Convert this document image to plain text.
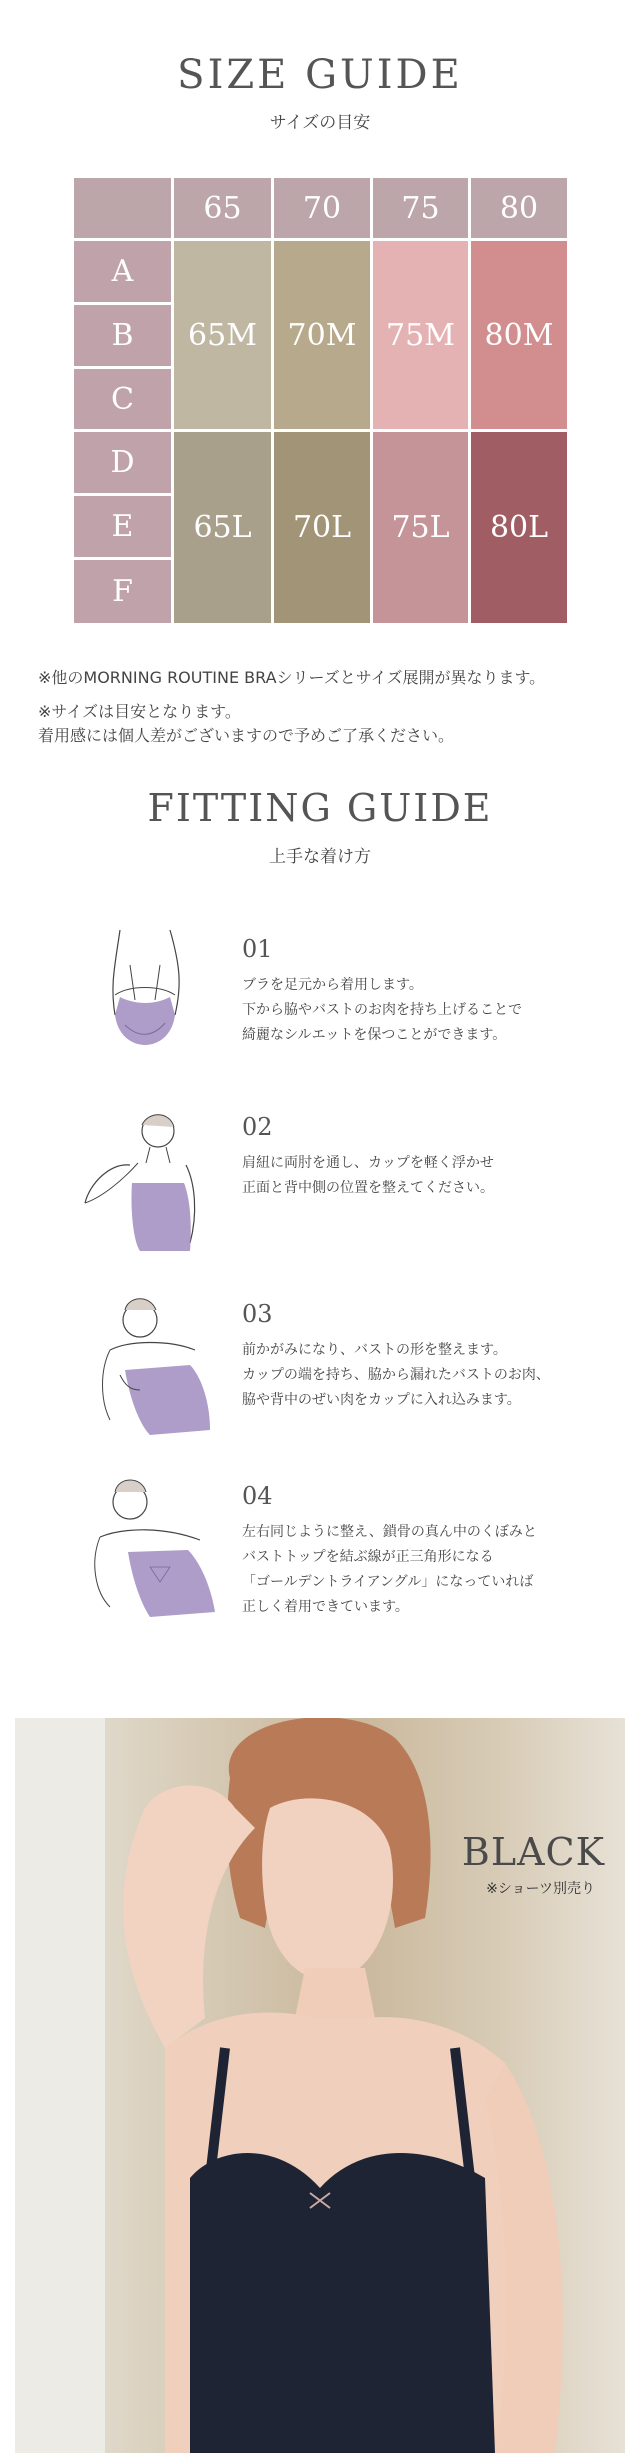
SIZE GUIDE
サイズの目安
65	70	75	80
A
B
C
D
E
F
65M	70M 75M 80M
65L	70L	75L	80L
※他のMORNING ROUTINE BRAシリーズとサイズ展開が異なります。
※サイズは目安となります。
着用感には個人差がございますので予めご了承ください。
FITTING GUIDE
上手な着け方
01
ブラを足元から着用します。
下から脇やバストのお肉を持ち上げることで
綺麗なシルエットを保つことができます。
02
肩紐に両肘を通し、カップを軽く浮かせ
正面と背中側の位置を整えてください。
03
前かがみになり、バストの形を整えます。
カップの端を持ち、脇から漏れたバストのお肉、
脇や背中のぜい肉をカップに入れ込みます。
04
左右同じように整え、鎖骨の真ん中のくぼみと
バストトップを結ぶ線が正三角形になる
「ゴールデントライアングル」になっていれば
正しく着用できています。
BLACK
※ショーツ別売り
